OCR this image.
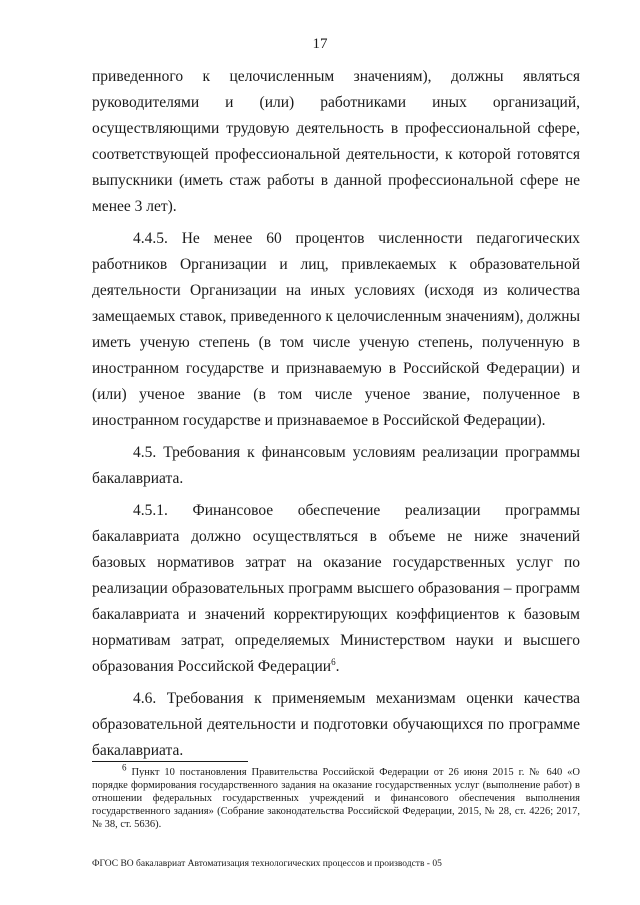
17

приведенного к целочисленным значениям), должны являться руководителями и (или) работниками иных организаций, осуществляющими трудовую деятельность в профессиональной сфере, соответствующей профессиональной деятельности, к которой готовятся выпускники (иметь стаж работы в данной профессиональной сфере не менее 3 лет).

4.4.5. Не менее 60 процентов численности педагогических работников Организации и лиц, привлекаемых к образовательной деятельности Организации на иных условиях (исходя из количества замещаемых ставок, приведенного к целочисленным значениям), должны иметь ученую степень (в том числе ученую степень, полученную в иностранном государстве и признаваемую в Российской Федерации) и (или) ученое звание (в том числе ученое звание, полученное в иностранном государстве и признаваемое в Российской Федерации).

4.5. Требования к финансовым условиям реализации программы бакалавриата.

4.5.1. Финансовое обеспечение реализации программы бакалавриата должно осуществляться в объеме не ниже значений базовых нормативов затрат на оказание государственных услуг по реализации образовательных программ высшего образования – программ бакалавриата и значений корректирующих коэффициентов к базовым нормативам затрат, определяемых Министерством науки и высшего образования Российской Федерации$^6$.

4.6. Требования к применяемым механизмам оценки качества образовательной деятельности и подготовки обучающихся по программе бакалавриата.

$^6$ Пункт 10 постановления Правительства Российской Федерации от 26 июня 2015 г. № 640 «О порядке формирования государственного задания на оказание государственных услуг (выполнение работ) в отношении федеральных государственных учреждений и финансового обеспечения выполнения государственного задания» (Собрание законодательства Российской Федерации, 2015, № 28, ст. 4226; 2017, № 38, ст. 5636).

ФГОС ВО бакалавриат Автоматизация технологических процессов и производств - 05
